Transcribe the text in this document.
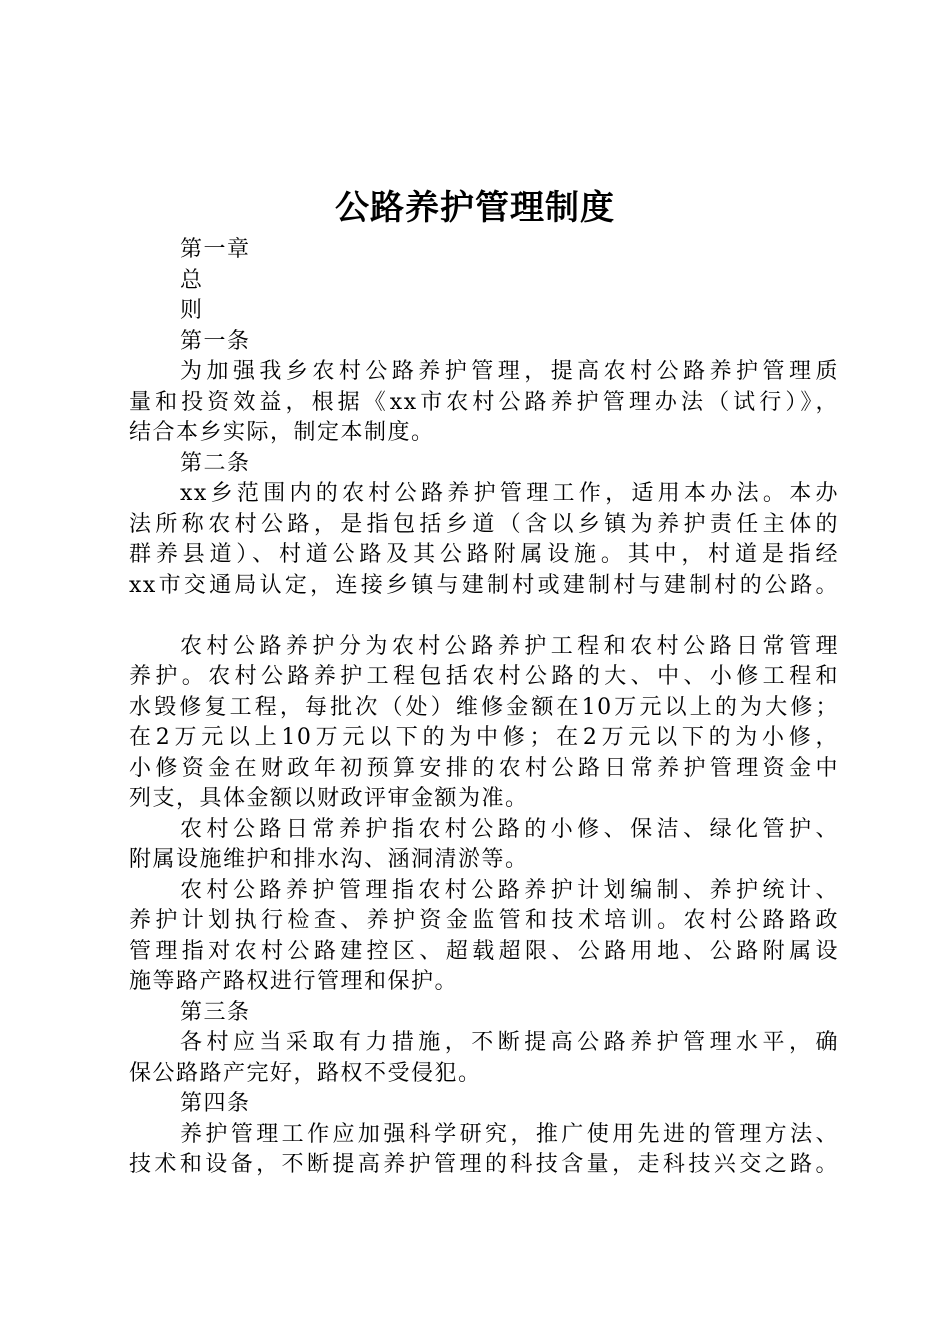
公路养护管理制度
第一章
总
则
第一条
为加强我乡农村公路养护管理，提高农村公路养护管理质
量和投资效益，根据《xx市农村公路养护管理办法（试行）》，
结合本乡实际，制定本制度。
第二条
xx乡范围内的农村公路养护管理工作，适用本办法。本办
法所称农村公路，是指包括乡道（含以乡镇为养护责任主体的
群养县道）、村道公路及其公路附属设施。其中，村道是指经
xx市交通局认定，连接乡镇与建制村或建制村与建制村的公路。
农村公路养护分为农村公路养护工程和农村公路日常管理
养护。农村公路养护工程包括农村公路的大、中、小修工程和
水毁修复工程，每批次（处）维修金额在10万元以上的为大修；
在2万元以上10万元以下的为中修；在2万元以下的为小修，
小修资金在财政年初预算安排的农村公路日常养护管理资金中
列支，具体金额以财政评审金额为准。
农村公路日常养护指农村公路的小修、保洁、绿化管护、
附属设施维护和排水沟、涵洞清淤等。
农村公路养护管理指农村公路养护计划编制、养护统计、
养护计划执行检查、养护资金监管和技术培训。农村公路路政
管理指对农村公路建控区、超载超限、公路用地、公路附属设
施等路产路权进行管理和保护。
第三条
各村应当采取有力措施，不断提高公路养护管理水平，确
保公路路产完好，路权不受侵犯。
第四条
养护管理工作应加强科学研究，推广使用先进的管理方法、
技术和设备，不断提高养护管理的科技含量，走科技兴交之路。
